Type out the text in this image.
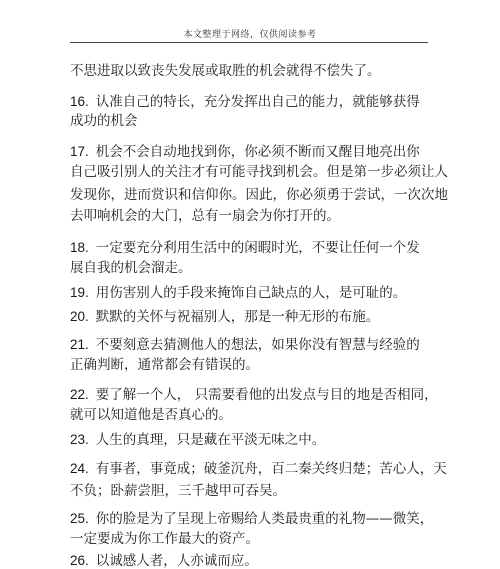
本文整理于网络，仅供阅读参考
不思进取以致丧失发展或取胜的机会就得不偿失了。
16. 认准自己的特长，充分发挥出自己的能力，就能够获得
成功的机会
17. 机会不会自动地找到你，你必须不断而又醒目地亮出你
自己吸引别人的关注才有可能寻找到机会。但是第一步必须让人
发现你，进而赏识和信仰你。因此，你必须勇于尝试，一次次地
去叩响机会的大门，总有一扇会为你打开的。
18. 一定要充分利用生活中的闲暇时光，不要让任何一个发
展自我的机会溜走。
19. 用伤害别人的手段来掩饰自己缺点的人，是可耻的。
20. 默默的关怀与祝福别人，那是一种无形的布施。
21. 不要刻意去猜测他人的想法，如果你没有智慧与经验的
正确判断，通常都会有错误的。
22. 要了解一个人， 只需要看他的出发点与目的地是否相同，
就可以知道他是否真心的。
23. 人生的真理，只是藏在平淡无味之中。
24. 有事者，事竟成；破釜沉舟，百二秦关终归楚；苦心人，天
不负；卧薪尝胆，三千越甲可吞吴。
25. 你的脸是为了呈现上帝赐给人类最贵重的礼物——微笑，
一定要成为你工作最大的资产。
26. 以诚感人者，人亦诚而应。
